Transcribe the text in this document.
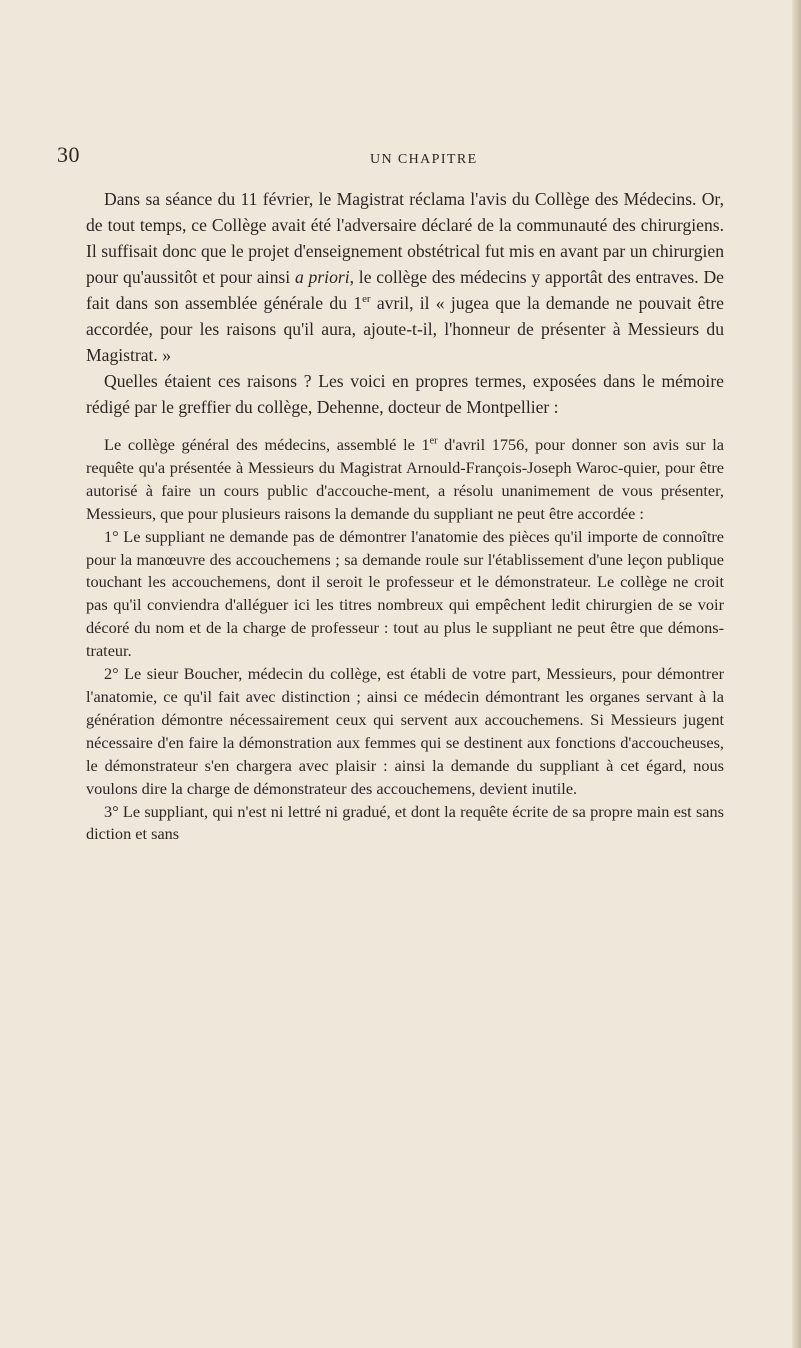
30	UN CHAPITRE

Dans sa séance du 11 février, le Magistrat réclama l'avis du Collège des Médecins. Or, de tout temps, ce Collège avait été l'adversaire déclaré de la communauté des chirurgiens. Il suffisait donc que le projet d'enseignement obstétrical fut mis en avant par un chirurgien pour qu'aussitôt et pour ainsi a priori, le collège des médecins y apportât des entraves. De fait dans son assemblée générale du 1er avril, il « jugea que la demande ne pouvait être accordée, pour les raisons qu'il aura, ajoute-t-il, l'honneur de présenter à Messieurs du Magistrat. »

Quelles étaient ces raisons ? Les voici en propres termes, exposées dans le mémoire rédigé par le greffier du collège, Dehenne, docteur de Montpellier :

Le collège général des médecins, assemblé le 1er d'avril 1756, pour donner son avis sur la requête qu'a présentée à Messieurs du Magistrat Arnould-François-Joseph Waroc-quier, pour être autorisé à faire un cours public d'accouche-ment, a résolu unanimement de vous présenter, Messieurs, que pour plusieurs raisons la demande du suppliant ne peut être accordée :

1° Le suppliant ne demande pas de démontrer l'anatomie des pièces qu'il importe de connoître pour la manœuvre des accouchemens ; sa demande roule sur l'établissement d'une leçon publique touchant les accouchemens, dont il seroit le professeur et le démonstrateur. Le collège ne croit pas qu'il conviendra d'alléguer ici les titres nombreux qui empêchent ledit chirurgien de se voir décoré du nom et de la charge de professeur : tout au plus le suppliant ne peut être que démons-trateur.

2° Le sieur Boucher, médecin du collège, est établi de votre part, Messieurs, pour démontrer l'anatomie, ce qu'il fait avec distinction ; ainsi ce médecin démontrant les organes servant à la génération démontre nécessairement ceux qui servent aux accouchemens. Si Messieurs jugent nécessaire d'en faire la démonstration aux femmes qui se destinent aux fonctions d'accoucheuses, le démonstrateur s'en chargera avec plaisir : ainsi la demande du suppliant à cet égard, nous voulons dire la charge de démonstrateur des accouchemens, devient inutile.

3° Le suppliant, qui n'est ni lettré ni gradué, et dont la requête écrite de sa propre main est sans diction et sans
